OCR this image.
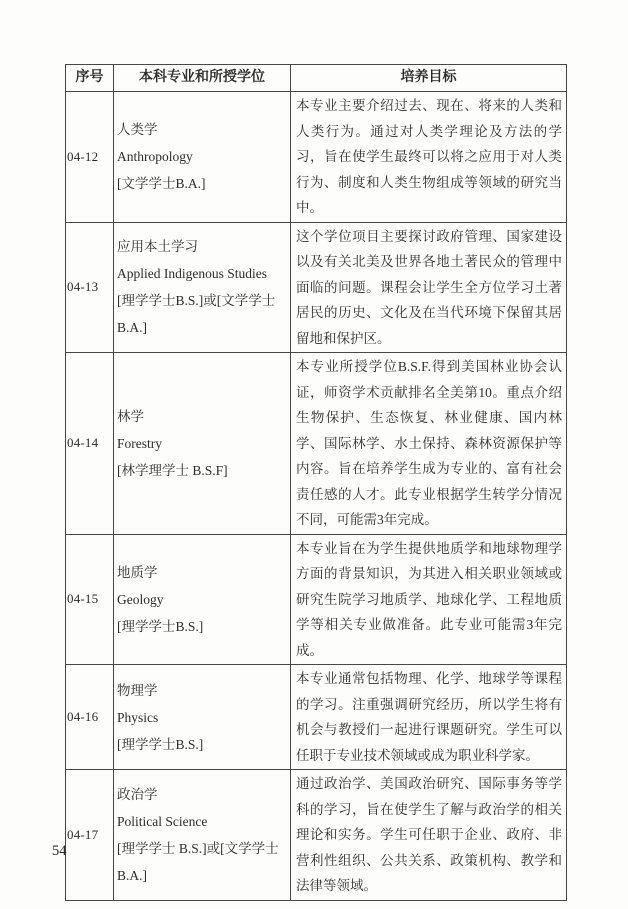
序号	本科专业和所授学位	培养目标
04-12	人类学
Anthropology
[文学学士B.A.]	本专业主要介绍过去、现在、将来的人类和人类行为。通过对人类学理论及方法的学习，旨在使学生最终可以将之应用于对人类行为、制度和人类生物组成等领域的研究当中。
04-13	应用本土学习
Applied Indigenous Studies
[理学学士B.S.]或[文学学士
B.A.]	这个学位项目主要探讨政府管理、国家建设以及有关北美及世界各地土著民众的管理中面临的问题。课程会让学生全方位学习土著居民的历史、文化及在当代环境下保留其居留地和保护区。
04-14	林学
Forestry
[林学理学士 B.S.F]	本专业所授学位B.S.F.得到美国林业协会认证，师资学术贡献排名全美第10。重点介绍生物保护、生态恢复、林业健康、国内林学、国际林学、水土保持、森林资源保护等内容。旨在培养学生成为专业的、富有社会责任感的人才。此专业根据学生转学分情况不同，可能需3年完成。
04-15	地质学
Geology
[理学学士B.S.]	本专业旨在为学生提供地质学和地球物理学方面的背景知识，为其进入相关职业领域或研究生院学习地质学、地球化学、工程地质学等相关专业做准备。此专业可能需3年完成。
04-16	物理学
Physics
[理学学士B.S.]	本专业通常包括物理、化学、地球学等课程的学习。注重强调研究经历，所以学生将有机会与教授们一起进行课题研究。学生可以任职于专业技术领域或成为职业科学家。
04-17	政治学
Political Science
[理学学士 B.S.]或[文学学士
B.A.]	通过政治学、美国政治研究、国际事务等学科的学习，旨在使学生了解与政治学的相关理论和实务。学生可任职于企业、政府、非营利性组织、公共关系、政策机构、教学和法律等领域。
54
